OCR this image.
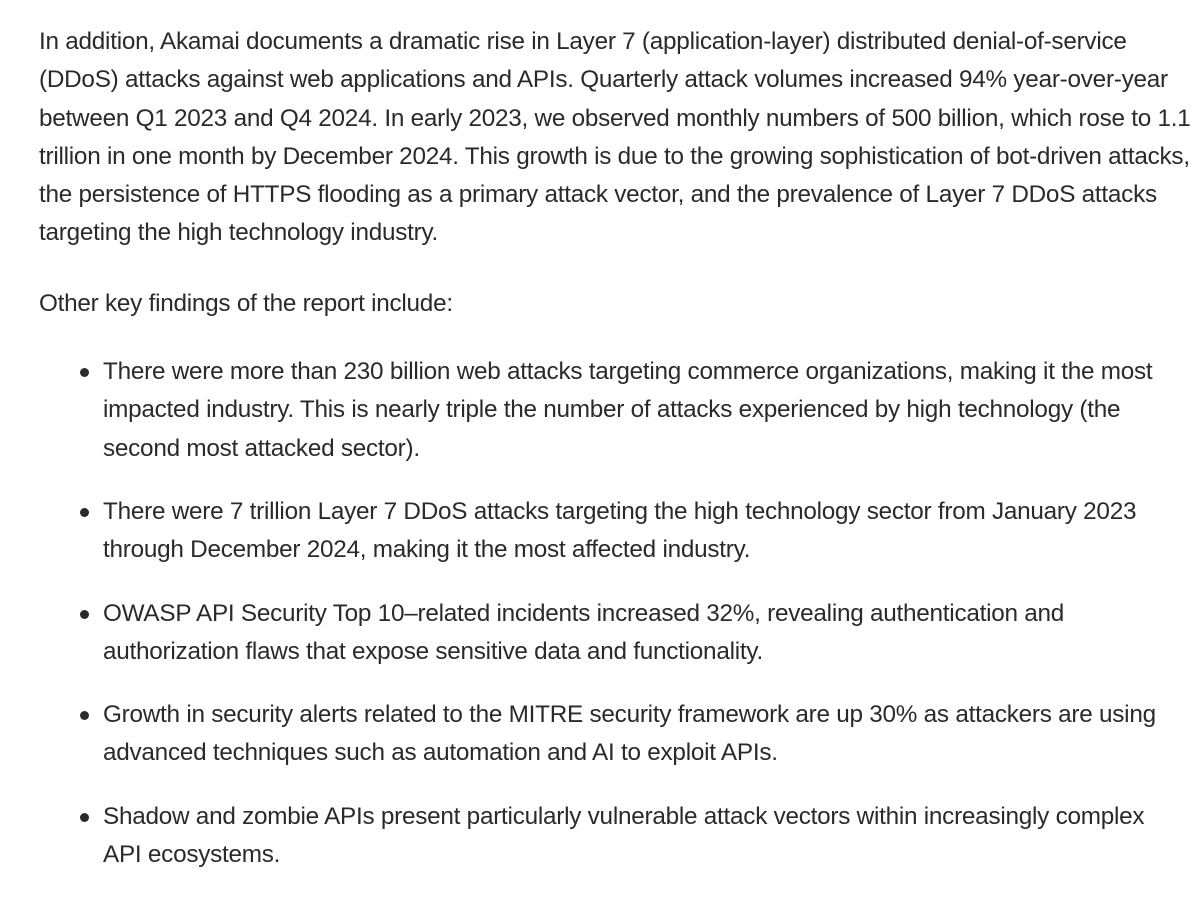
In addition, Akamai documents a dramatic rise in Layer 7 (application-layer) distributed denial-of-service (DDoS) attacks against web applications and APIs. Quarterly attack volumes increased 94% year-over-year between Q1 2023 and Q4 2024. In early 2023, we observed monthly numbers of 500 billion, which rose to 1.1 trillion in one month by December 2024. This growth is due to the growing sophistication of bot-driven attacks, the persistence of HTTPS flooding as a primary attack vector, and the prevalence of Layer 7 DDoS attacks targeting the high technology industry.

Other key findings of the report include:

There were more than 230 billion web attacks targeting commerce organizations, making it the most impacted industry. This is nearly triple the number of attacks experienced by high technology (the second most attacked sector).
There were 7 trillion Layer 7 DDoS attacks targeting the high technology sector from January 2023 through December 2024, making it the most affected industry.
OWASP API Security Top 10–related incidents increased 32%, revealing authentication and authorization flaws that expose sensitive data and functionality.
Growth in security alerts related to the MITRE security framework are up 30% as attackers are using advanced techniques such as automation and AI to exploit APIs.
Shadow and zombie APIs present particularly vulnerable attack vectors within increasingly complex API ecosystems.
